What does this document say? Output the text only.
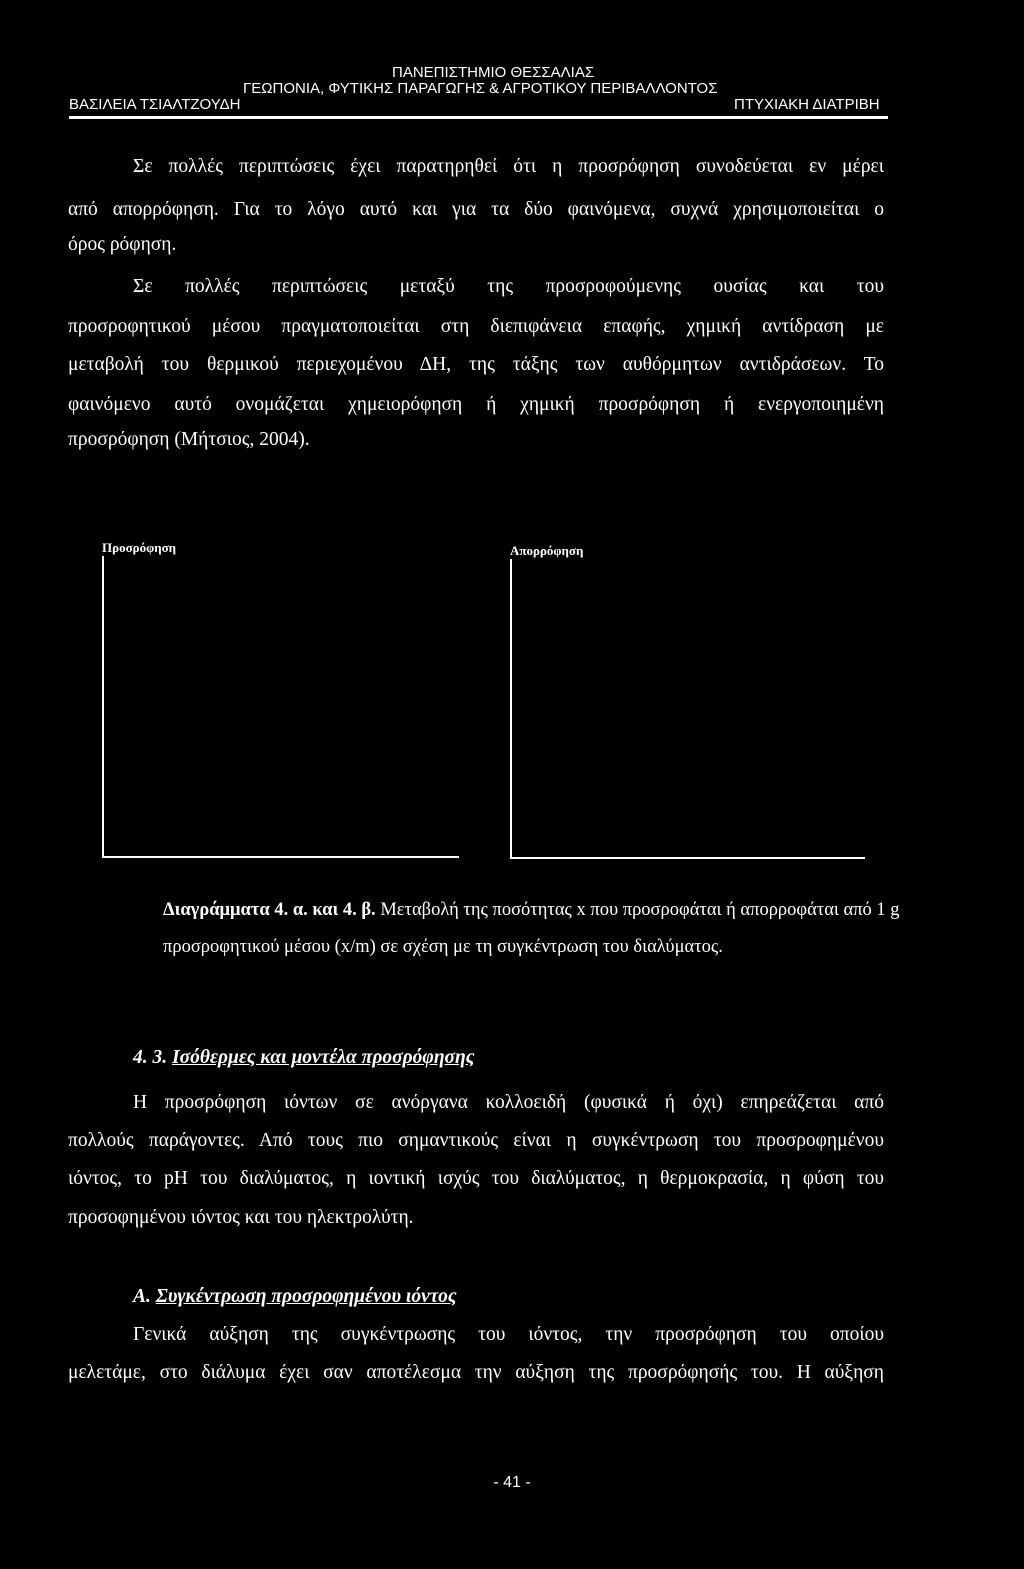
ΠΑΝΕΠΙΣΤΗΜΙΟ ΘΕΣΣΑΛΙΑΣ
ΓΕΩΠΟΝΙΑ, ΦΥΤΙΚΗΣ ΠΑΡΑΓΩΓΗΣ & ΑΓΡΟΤΙΚΟΥ ΠΕΡΙΒΑΛΛΟΝΤΟΣ
ΒΑΣΙΛΕΙΑ ΤΣΙΑΛΤΖΟΥΔΗ	ΠΤΥΧΙΑΚΗ ΔΙΑΤΡΙΒΗ
Σε πολλές περιπτώσεις έχει παρατηρηθεί ότι η προσρόφηση συνοδεύεται εν μέρει
από απορρόφηση. Για το λόγο αυτό και για τα δύο φαινόμενα, συχνά χρησιμοποιείται ο
όρος ρόφηση.
Σε πολλές περιπτώσεις μεταξύ της προσροφούμενης ουσίας και του
προσροφητικού μέσου πραγματοποιείται στη διεπιφάνεια επαφής, χημική αντίδραση με
μεταβολή του θερμικού περιεχομένου ΔΗ, της τάξης των αυθόρμητων αντιδράσεων. Το
φαινόμενο αυτό ονομάζεται χημειορόφηση ή χημική προσρόφηση ή ενεργοποιημένη
προσρόφηση (Μήτσιος, 2004).
Προσρόφηση	Απορρόφηση
Διαγράμματα 4. α. και 4. β. Μεταβολή της ποσότητας x που προσροφάται ή απορροφάται από 1 g
προσροφητικού μέσου (x/m) σε σχέση με τη συγκέντρωση του διαλύματος.
4. 3. Ισόθερμες και μοντέλα προσρόφησης
Η προσρόφηση ιόντων σε ανόργανα κολλοειδή (φυσικά ή όχι) επηρεάζεται από
πολλούς παράγοντες. Από τους πιο σημαντικούς είναι η συγκέντρωση του προσροφημένου
ιόντος, το pH του διαλύματος, η ιοντική ισχύς του διαλύματος, η θερμοκρασία, η φύση του
προσοφημένου ιόντος και του ηλεκτρολύτη.
Α. Συγκέντρωση προσροφημένου ιόντος
Γενικά αύξηση της συγκέντρωσης του ιόντος, την προσρόφηση του οποίου
μελετάμε, στο διάλυμα έχει σαν αποτέλεσμα την αύξηση της προσρόφησής του. Η αύξηση
- 41 -
